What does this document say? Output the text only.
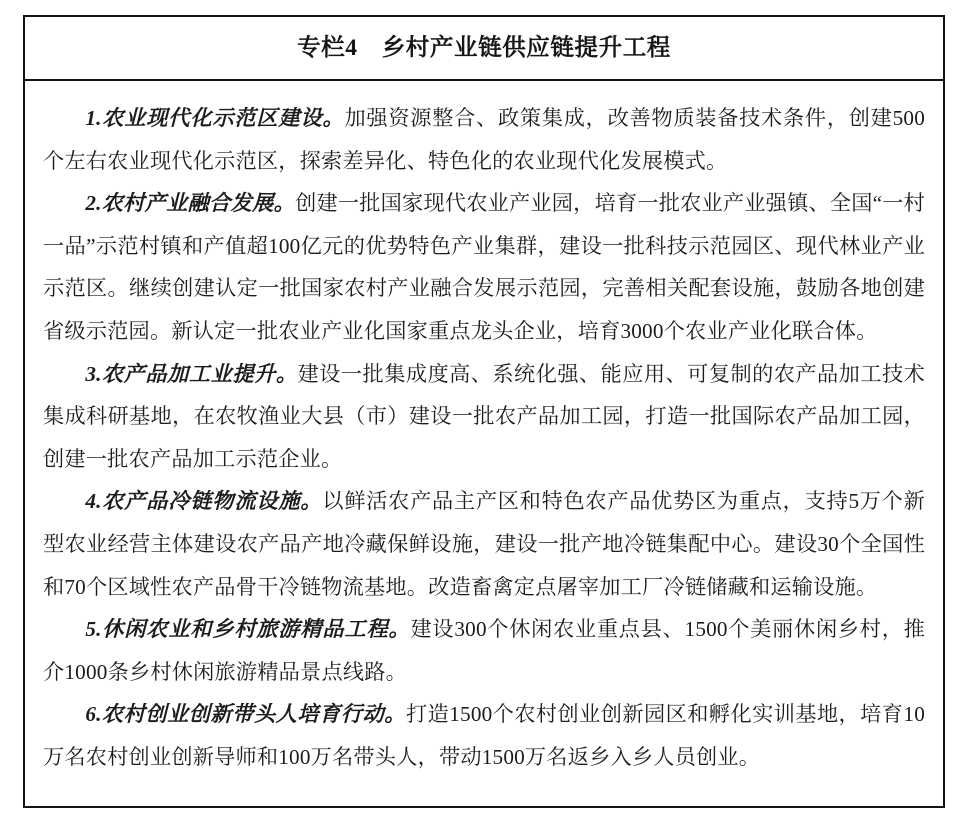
专栏4　乡村产业链供应链提升工程

1.农业现代化示范区建设。加强资源整合、政策集成，改善物质装备技术条件，创建500个左右农业现代化示范区，探索差异化、特色化的农业现代化发展模式。

2.农村产业融合发展。创建一批国家现代农业产业园，培育一批农业产业强镇、全国“一村一品”示范村镇和产值超100亿元的优势特色产业集群，建设一批科技示范园区、现代林业产业示范区。继续创建认定一批国家农村产业融合发展示范园，完善相关配套设施，鼓励各地创建省级示范园。新认定一批农业产业化国家重点龙头企业，培育3000个农业产业化联合体。

3.农产品加工业提升。建设一批集成度高、系统化强、能应用、可复制的农产品加工技术集成科研基地，在农牧渔业大县（市）建设一批农产品加工园，打造一批国际农产品加工园，创建一批农产品加工示范企业。

4.农产品冷链物流设施。以鲜活农产品主产区和特色农产品优势区为重点，支持5万个新型农业经营主体建设农产品产地冷藏保鲜设施，建设一批产地冷链集配中心。建设30个全国性和70个区域性农产品骨干冷链物流基地。改造畜禽定点屠宰加工厂冷链储藏和运输设施。

5.休闲农业和乡村旅游精品工程。建设300个休闲农业重点县、1500个美丽休闲乡村，推介1000条乡村休闲旅游精品景点线路。

6.农村创业创新带头人培育行动。打造1500个农村创业创新园区和孵化实训基地，培育10万名农村创业创新导师和100万名带头人，带动1500万名返乡入乡人员创业。
